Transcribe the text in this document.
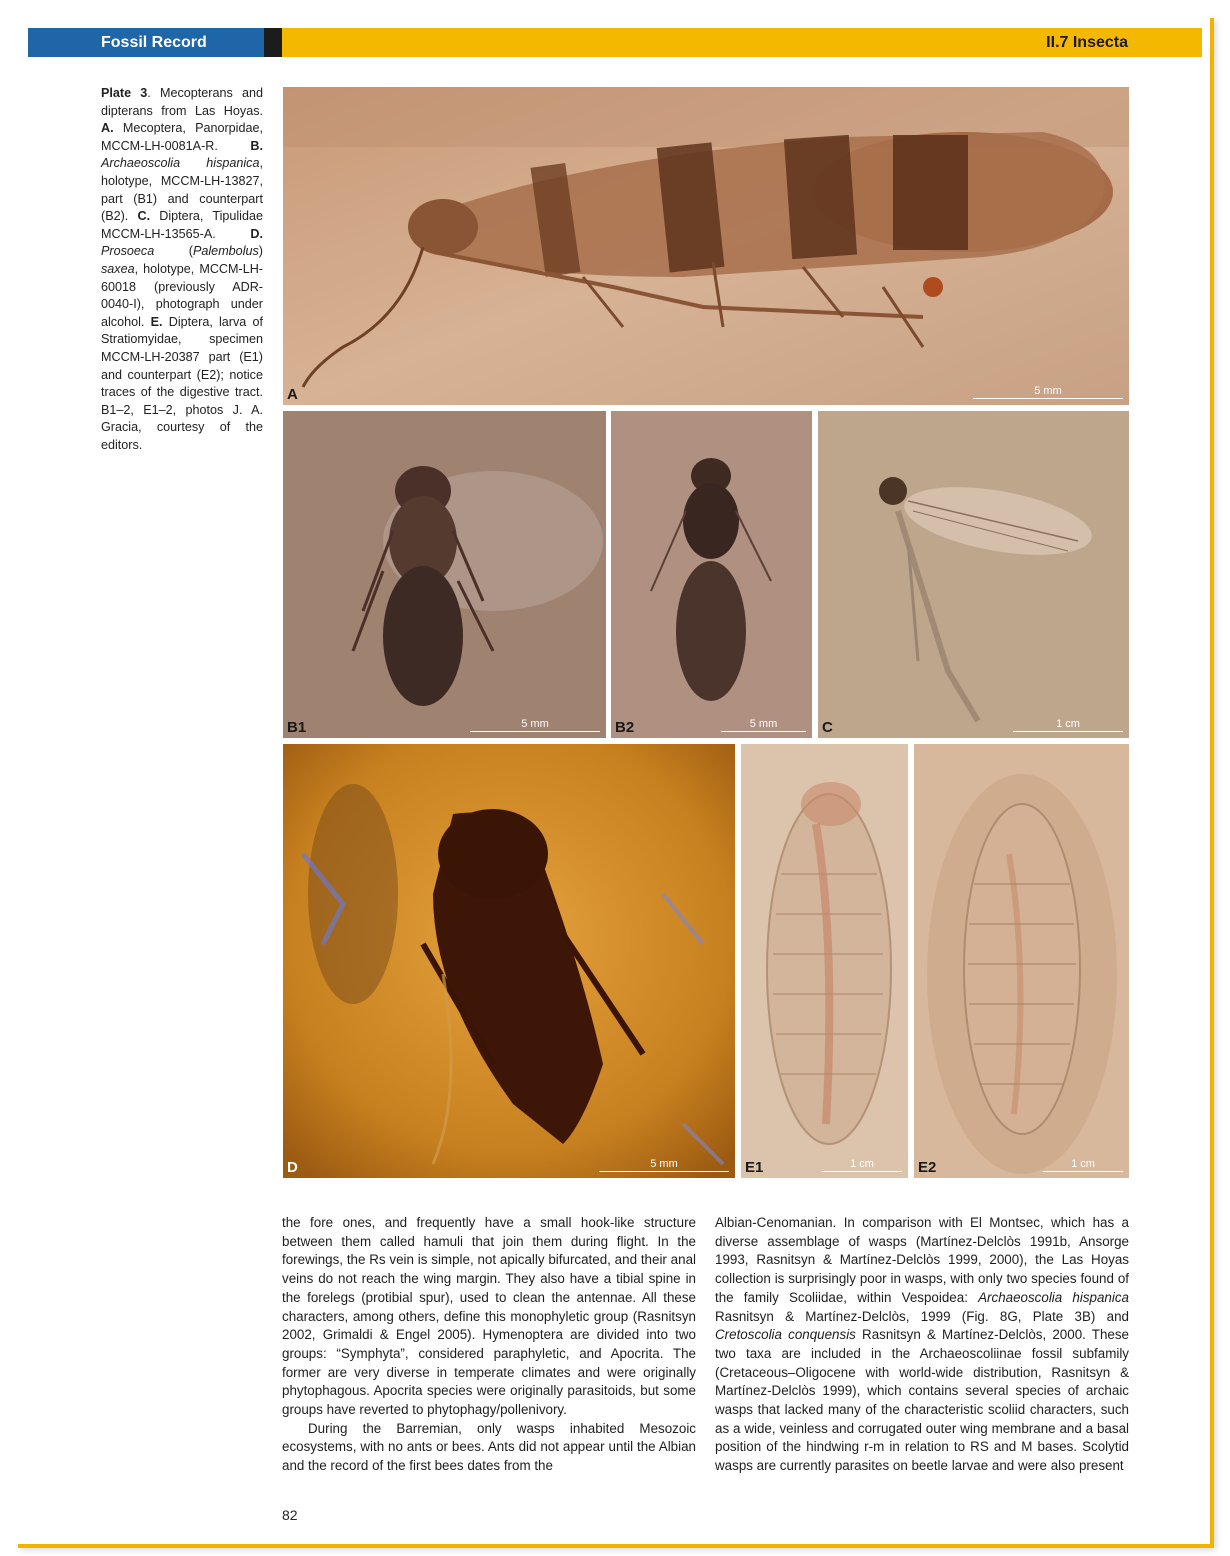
Fossil Record	II.7 Insecta
Plate 3. Mecopterans and dipterans from Las Hoyas. A. Mecoptera, Panorpidae, MCCM-LH-0081A-R.	B. Archaeoscolia hispanica, holotype, MCCM-LH-13827, part (B1) and counterpart (B2). C. Diptera, Tipulidae MCCM-LH-13565-A.	D. Prosoeca (Palembolus) saxea, holotype, MCCM-LH-60018 (previously ADR-0040-I), photograph under alcohol. E. Diptera, larva of Stratiomyidae, specimen MCCM-LH-20387 part (E1) and counterpart (E2); notice traces of the digestive tract. B1–2, E1–2, photos J. A. Gracia, courtesy of the editors.
A	5 mm
B1	5 mm	B2	5 mm	C	1 cm
D	5 mm	E1	1 cm	E2	1 cm

the fore ones, and frequently have a small hook-like structure between them called hamuli that join them during flight. In the forewings, the Rs vein is simple, not apically bifurcated, and their anal veins do not reach the wing margin. They also have a tibial spine in the forelegs (protibial spur), used to clean the antennae. All these characters, among others, define this monophyletic group (Rasnitsyn 2002, Grimaldi & Engel 2005). Hymenoptera are divided into two groups: “Symphyta”, considered paraphyletic, and Apocrita. The former are very diverse in temperate climates and were originally phytophagous. Apocrita species were originally parasitoids, but some groups have reverted to phytophagy/pollenivory.

During the Barremian, only wasps inhabited Mesozoic ecosystems, with no ants or bees. Ants did not appear until the Albian and the record of the first bees dates from the

Albian-Cenomanian. In comparison with El Montsec, which has a diverse assemblage of wasps (Martínez-Delclòs 1991b, Ansorge 1993, Rasnitsyn & Martínez-Delclòs 1999, 2000), the Las Hoyas collection is surprisingly poor in wasps, with only two species found of the family Scoliidae, within Vespoidea: Archaeoscolia hispanica Rasnitsyn & Martínez-Delclòs, 1999 (Fig. 8G, Plate 3B) and Cretoscolia conquensis Rasnitsyn & Martínez-Delclòs, 2000. These two taxa are included in the Archaeoscoliinae fossil subfamily (Cretaceous–Oligocene with world-wide distribution, Rasnitsyn & Martínez-Delclòs 1999), which contains several species of archaic wasps that lacked many of the characteristic scoliid characters, such as a wide, veinless and corrugated outer wing membrane and a basal position of the hindwing r-m in relation to RS and M bases. Scolytid wasps are currently parasites on beetle larvae and were also present

82
